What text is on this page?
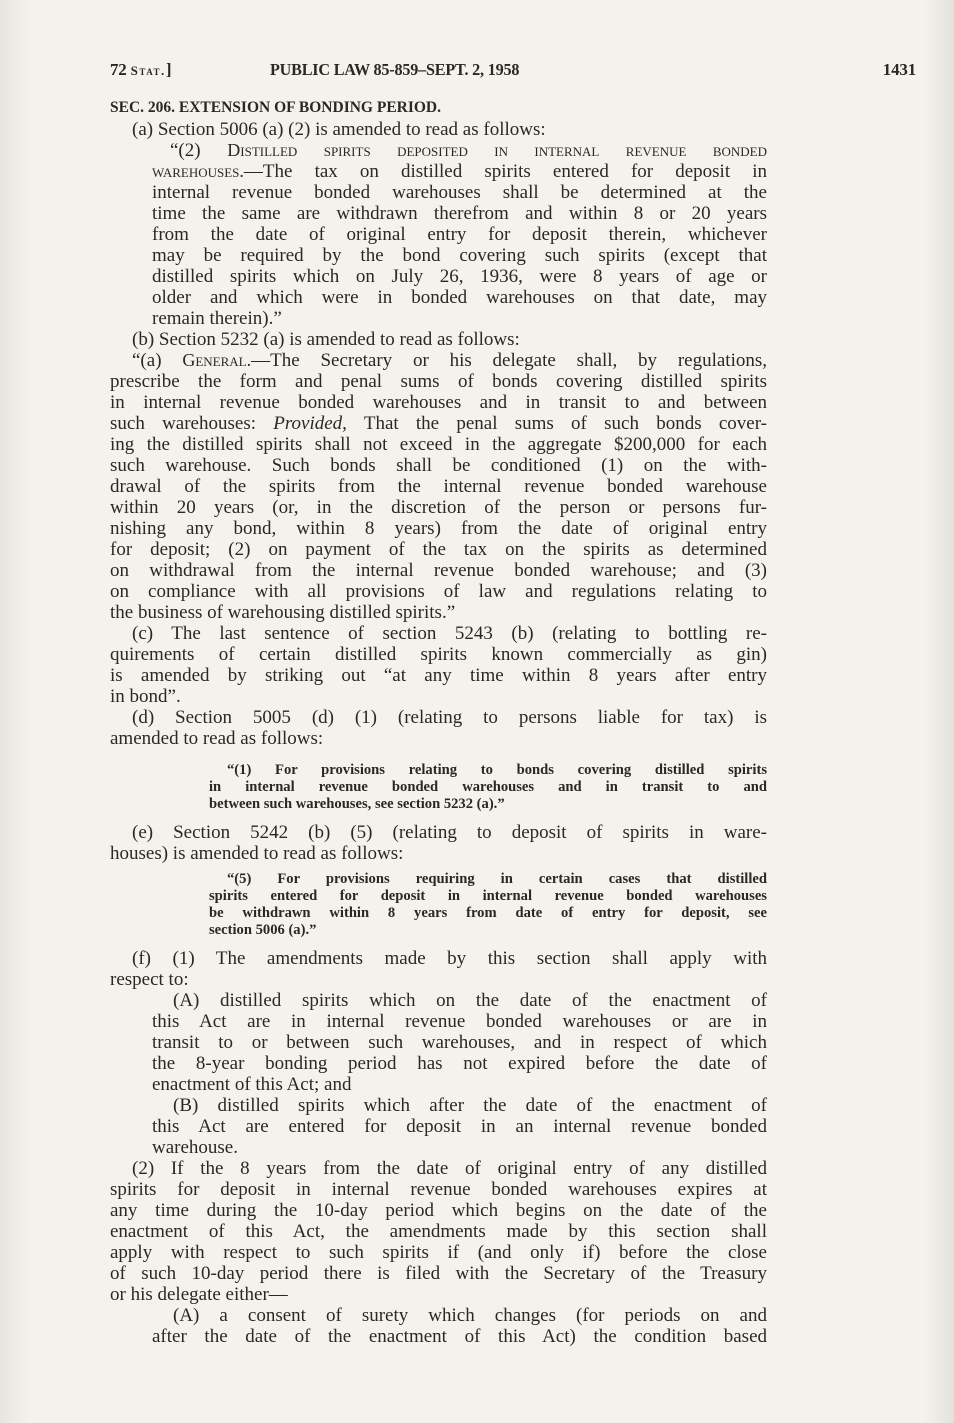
72 Stat.]	PUBLIC LAW 85-859–SEPT. 2, 1958	1431
SEC. 206. EXTENSION OF BONDING PERIOD.
(a) Section 5006 (a) (2) is amended to read as follows:
“(2) Distilled spirits deposited in internal revenue bonded
warehouses.—The tax on distilled spirits entered for deposit in
internal revenue bonded warehouses shall be determined at the
time the same are withdrawn therefrom and within 8 or 20 years
from the date of original entry for deposit therein, whichever
may be required by the bond covering such spirits (except that
distilled spirits which on July 26, 1936, were 8 years of age or
older and which were in bonded warehouses on that date, may
remain therein).”
(b) Section 5232 (a) is amended to read as follows:
“(a) General.—The Secretary or his delegate shall, by regulations,
prescribe the form and penal sums of bonds covering distilled spirits
in internal revenue bonded warehouses and in transit to and between
such warehouses: Provided, That the penal sums of such bonds cover-
ing the distilled spirits shall not exceed in the aggregate $200,000 for each
such warehouse. Such bonds shall be conditioned (1) on the with-
drawal of the spirits from the internal revenue bonded warehouse
within 20 years (or, in the discretion of the person or persons fur-
nishing any bond, within 8 years) from the date of original entry
for deposit; (2) on payment of the tax on the spirits as determined
on withdrawal from the internal revenue bonded warehouse; and (3)
on compliance with all provisions of law and regulations relating to
the business of warehousing distilled spirits.”
(c) The last sentence of section 5243 (b) (relating to bottling re-
quirements of certain distilled spirits known commercially as gin)
is amended by striking out “at any time within 8 years after entry
in bond”.
(d) Section 5005 (d) (1) (relating to persons liable for tax) is
amended to read as follows:
“(1) For provisions relating to bonds covering distilled spirits
in internal revenue bonded warehouses and in transit to and
between such warehouses, see section 5232 (a).”
(e) Section 5242 (b) (5) (relating to deposit of spirits in ware-
houses) is amended to read as follows:
“(5) For provisions requiring in certain cases that distilled
spirits entered for deposit in internal revenue bonded warehouses
be withdrawn within 8 years from date of entry for deposit, see
section 5006 (a).”
(f) (1) The amendments made by this section shall apply with
respect to:
(A) distilled spirits which on the date of the enactment of
this Act are in internal revenue bonded warehouses or are in
transit to or between such warehouses, and in respect of which
the 8-year bonding period has not expired before the date of
enactment of this Act; and
(B) distilled spirits which after the date of the enactment of
this Act are entered for deposit in an internal revenue bonded
warehouse.
(2) If the 8 years from the date of original entry of any distilled
spirits for deposit in internal revenue bonded warehouses expires at
any time during the 10-day period which begins on the date of the
enactment of this Act, the amendments made by this section shall
apply with respect to such spirits if (and only if) before the close
of such 10-day period there is filed with the Secretary of the Treasury
or his delegate either—
(A) a consent of surety which changes (for periods on and
after the date of the enactment of this Act) the condition based
